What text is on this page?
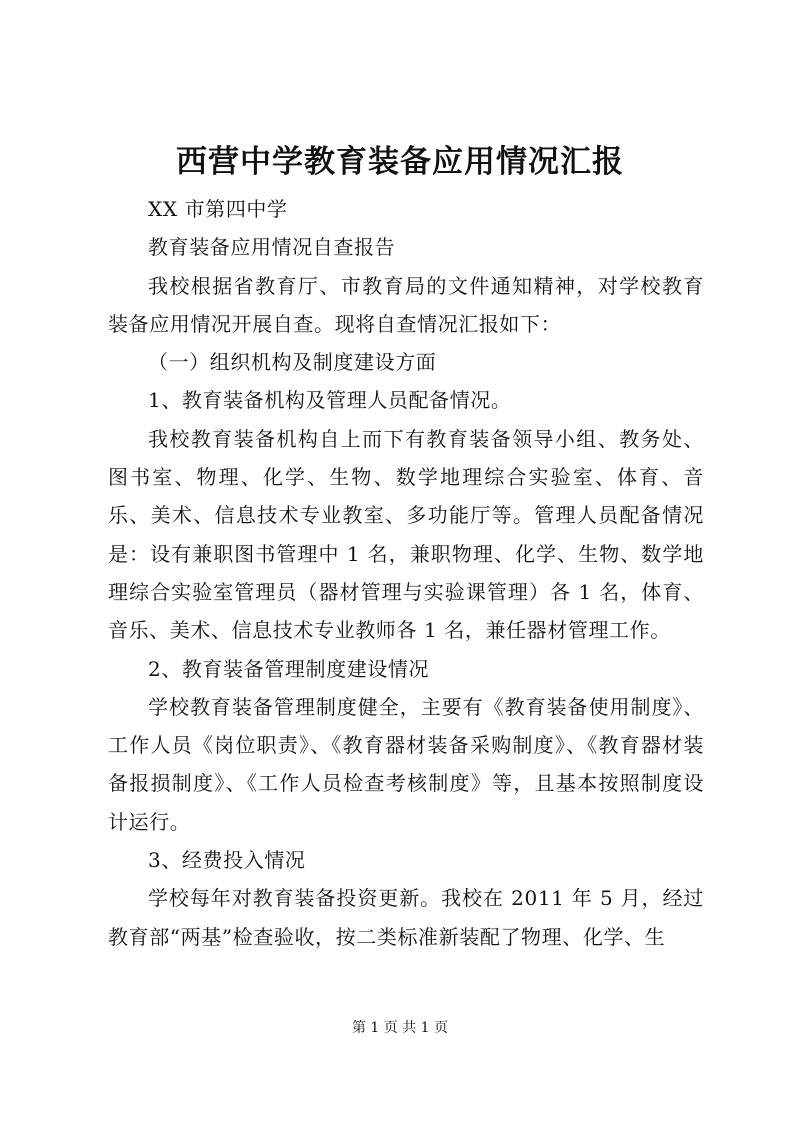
西营中学教育装备应用情况汇报

XX 市第四中学

教育装备应用情况自查报告

我校根据省教育厅、市教育局的文件通知精神，对学校教育装备应用情况开展自查。现将自查情况汇报如下：

（一）组织机构及制度建设方面

1、教育装备机构及管理人员配备情况。

我校教育装备机构自上而下有教育装备领导小组、教务处、图书室、物理、化学、生物、数学地理综合实验室、体育、音乐、美术、信息技术专业教室、多功能厅等。管理人员配备情况是：设有兼职图书管理中 1 名，兼职物理、化学、生物、数学地理综合实验室管理员（器材管理与实验课管理）各 1 名，体育、音乐、美术、信息技术专业教师各 1 名，兼任器材管理工作。

2、教育装备管理制度建设情况

学校教育装备管理制度健全，主要有《教育装备使用制度》、工作人员《岗位职责》、《教育器材装备采购制度》、《教育器材装备报损制度》、《工作人员检查考核制度》等，且基本按照制度设计运行。

3、经费投入情况

学校每年对教育装备投资更新。我校在 2011 年 5 月，经过教育部“两基”检查验收，按二类标准新装配了物理、化学、生

第 1 页 共 1 页
